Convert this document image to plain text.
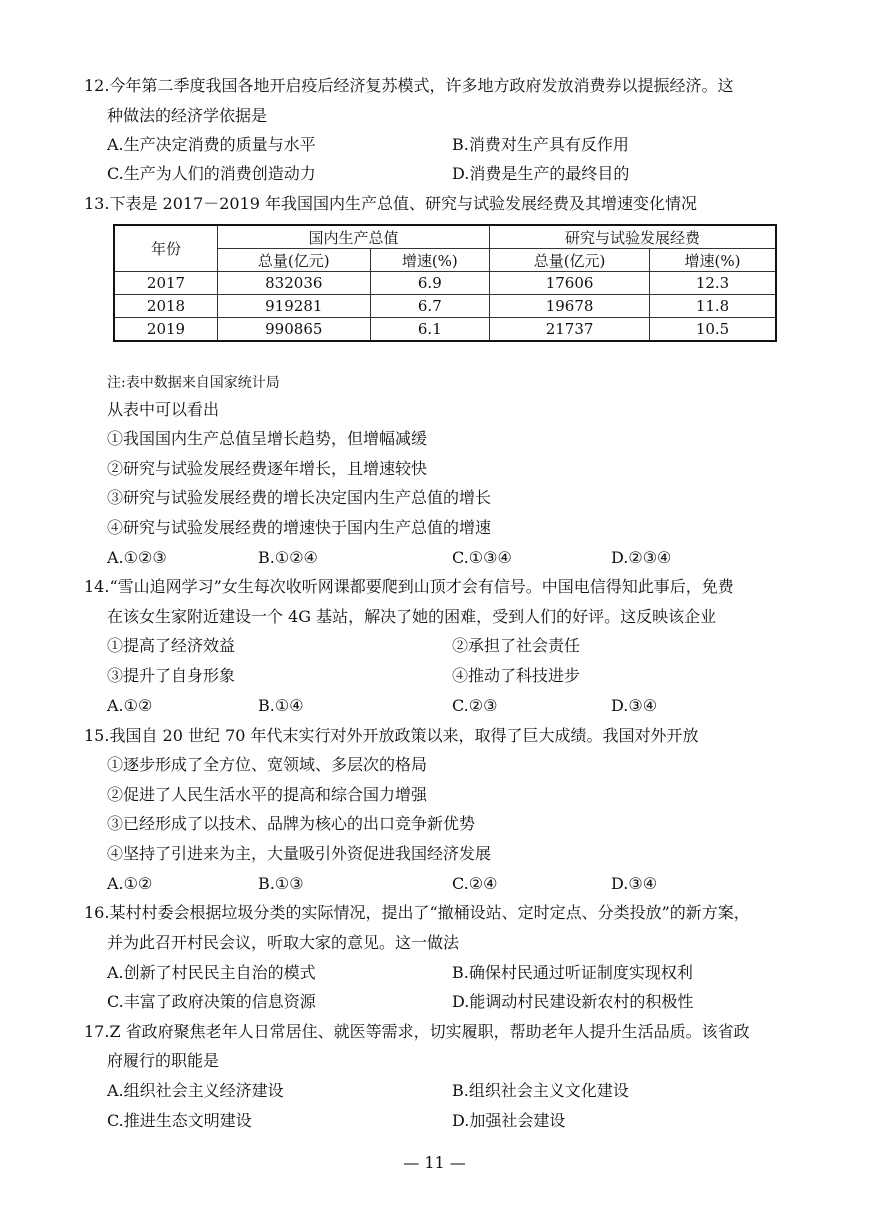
12.今年第二季度我国各地开启疫后经济复苏模式，许多地方政府发放消费券以提振经济。这
种做法的经济学依据是
A.生产决定消费的质量与水平	B.消费对生产具有反作用
C.生产为人们的消费创造动力	D.消费是生产的最终目的
13.下表是 2017－2019 年我国国内生产总值、研究与试验发展经费及其增速变化情况
年份	国内生产总值		研究与试验发展经费	
	总量(亿元)	增速(%)	总量(亿元)	增速(%)
2017	832036	6.9	17606	12.3
2018	919281	6.7	19678	11.8
2019	990865	6.1	21737	10.5
注:表中数据来自国家统计局
从表中可以看出
①我国国内生产总值呈增长趋势，但增幅减缓
②研究与试验发展经费逐年增长，且增速较快
③研究与试验发展经费的增长决定国内生产总值的增长
④研究与试验发展经费的增速快于国内生产总值的增速
A.①②③	B.①②④	C.①③④	D.②③④
14.“雪山追网学习”女生每次收听网课都要爬到山顶才会有信号。中国电信得知此事后，免费
在该女生家附近建设一个 4G 基站，解决了她的困难，受到人们的好评。这反映该企业
①提高了经济效益	②承担了社会责任
③提升了自身形象	④推动了科技进步
A.①②	B.①④	C.②③	D.③④
15.我国自 20 世纪 70 年代末实行对外开放政策以来，取得了巨大成绩。我国对外开放
①逐步形成了全方位、宽领域、多层次的格局
②促进了人民生活水平的提高和综合国力增强
③已经形成了以技术、品牌为核心的出口竞争新优势
④坚持了引进来为主，大量吸引外资促进我国经济发展
A.①②	B.①③	C.②④	D.③④
16.某村村委会根据垃圾分类的实际情况，提出了“撤桶设站、定时定点、分类投放”的新方案，
并为此召开村民会议，听取大家的意见。这一做法
A.创新了村民民主自治的模式	B.确保村民通过听证制度实现权利
C.丰富了政府决策的信息资源	D.能调动村民建设新农村的积极性
17.Z 省政府聚焦老年人日常居住、就医等需求，切实履职，帮助老年人提升生活品质。该省政
府履行的职能是
A.组织社会主义经济建设	B.组织社会主义文化建设
C.推进生态文明建设	D.加强社会建设
— 11 —
